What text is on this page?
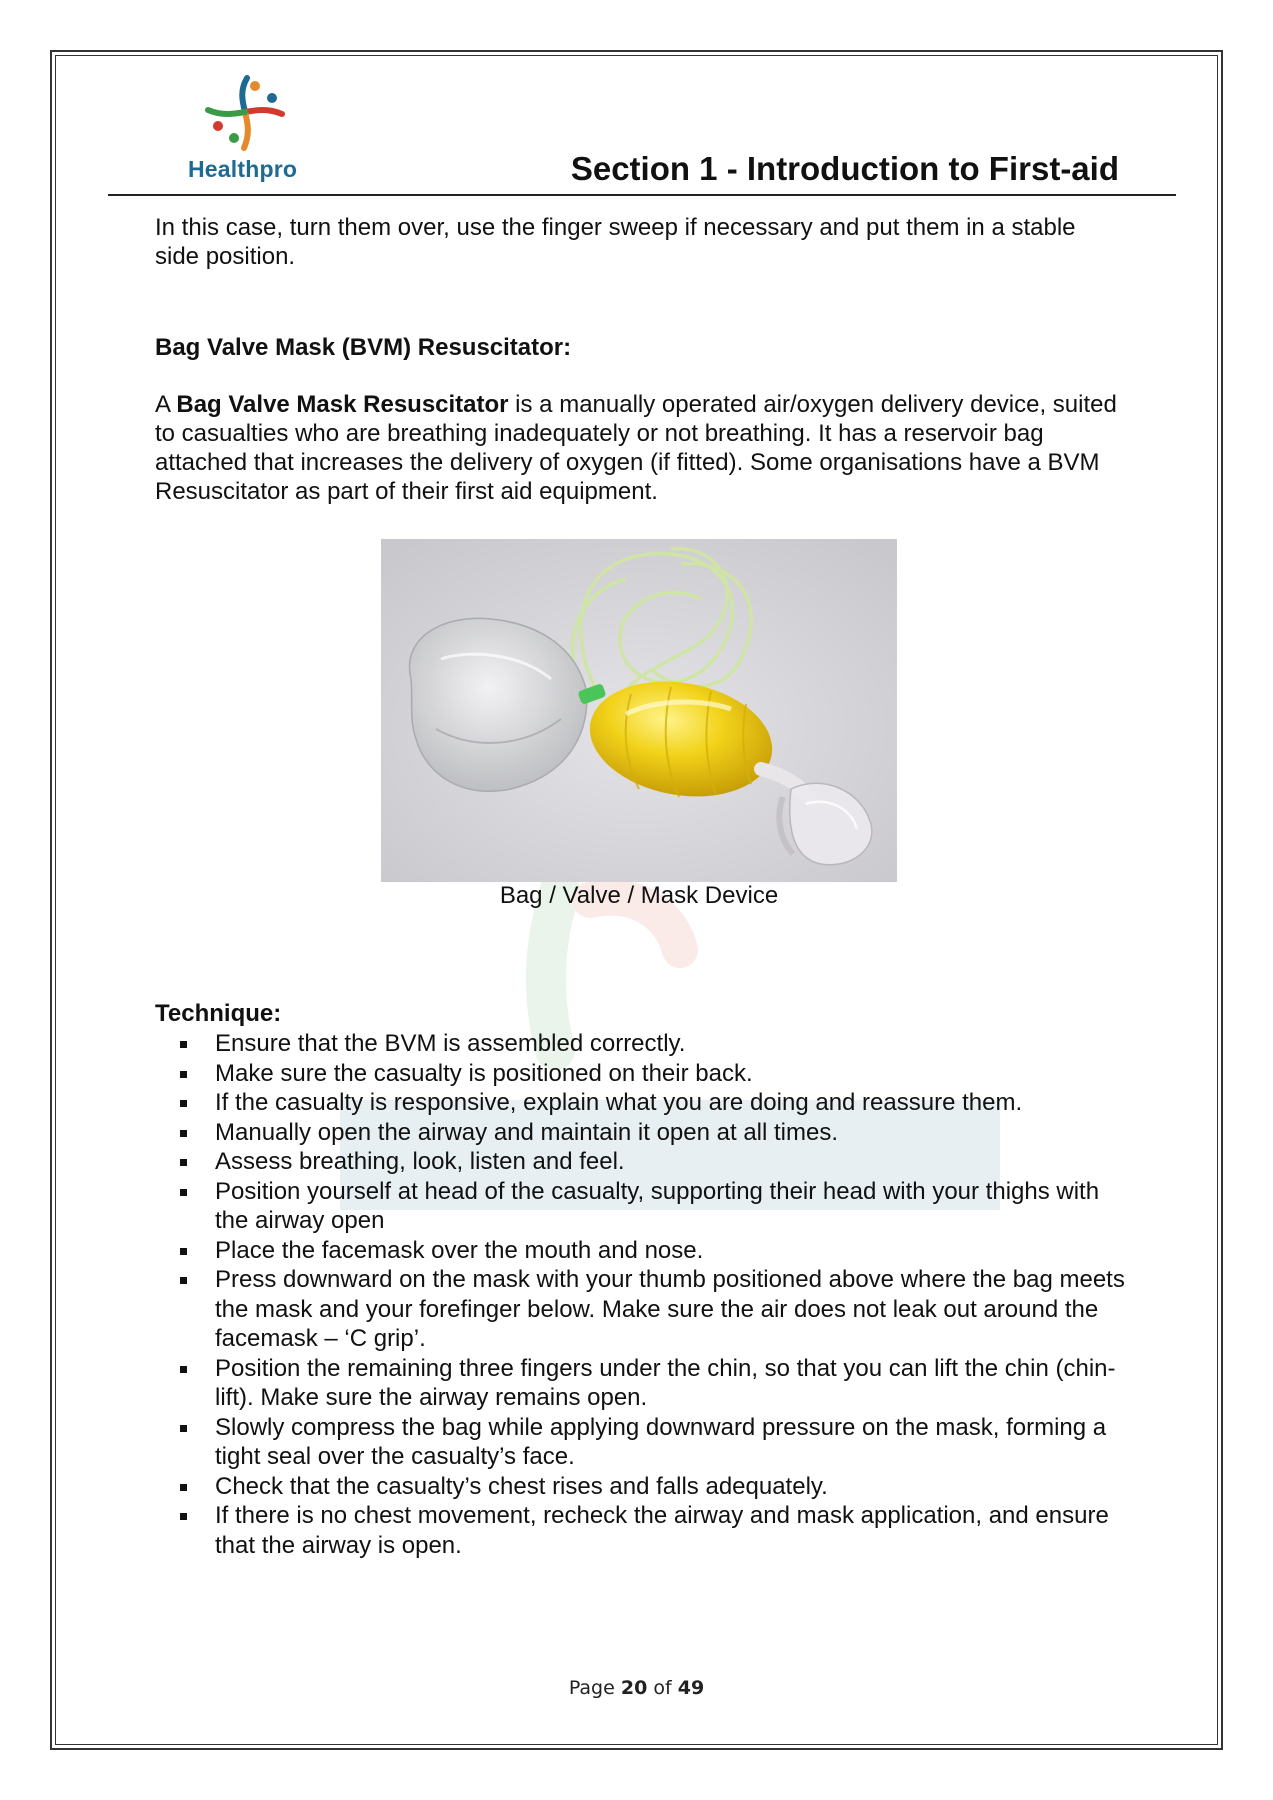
Healthpro	Section 1 - Introduction to First-aid
In this case, turn them over, use the finger sweep if necessary and put them in a stable side position.
Bag Valve Mask (BVM) Resuscitator:
A Bag Valve Mask Resuscitator is a manually operated air/oxygen delivery device, suited to casualties who are breathing inadequately or not breathing. It has a reservoir bag attached that increases the delivery of oxygen (if fitted). Some organisations have a BVM Resuscitator as part of their first aid equipment.
Bag / Valve / Mask Device
Technique:
Ensure that the BVM is assembled correctly.
Make sure the casualty is positioned on their back.
If the casualty is responsive, explain what you are doing and reassure them.
Manually open the airway and maintain it open at all times.
Assess breathing, look, listen and feel.
Position yourself at head of the casualty, supporting their head with your thighs with the airway open
Place the facemask over the mouth and nose.
Press downward on the mask with your thumb positioned above where the bag meets the mask and your forefinger below. Make sure the air does not leak out around the facemask – ‘C grip’.
Position the remaining three fingers under the chin, so that you can lift the chin (chin-lift). Make sure the airway remains open.
Slowly compress the bag while applying downward pressure on the mask, forming a tight seal over the casualty’s face.
Check that the casualty’s chest rises and falls adequately.
If there is no chest movement, recheck the airway and mask application, and ensure that the airway is open.
Page 20 of 49
